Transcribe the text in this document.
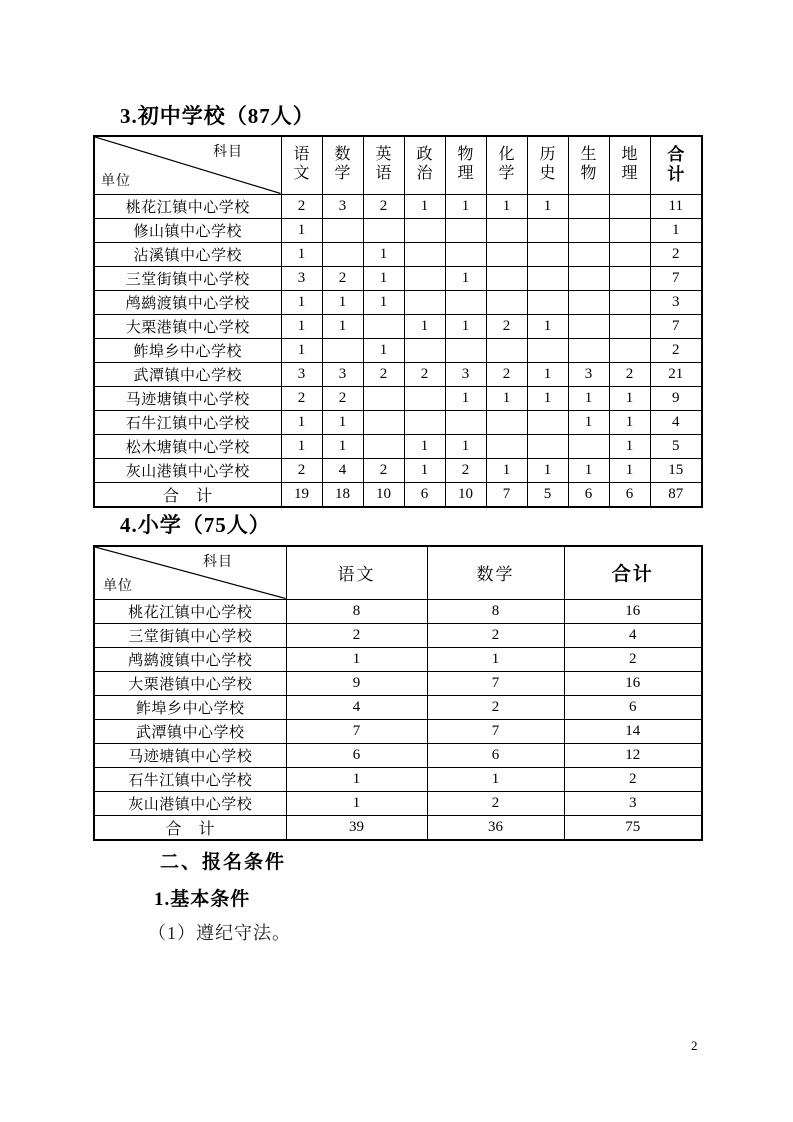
3.初中学校（87人）
科目
单位	语文	数学	英语	政治	物理	化学	历史	生物	地理	合计
桃花江镇中心学校	2	3	2	1	1	1	1			11
修山镇中心学校	1									1
沾溪镇中心学校	1		1							2
三堂街镇中心学校	3	2	1		1					7
鸬鹚渡镇中心学校	1	1	1							3
大栗港镇中心学校	1	1		1	1	2	1			7
鲊埠乡中心学校	1		1							2
武潭镇中心学校	3	3	2	2	3	2	1	3	2	21
马迹塘镇中心学校	2	2			1	1	1	1	1	9
石牛江镇中心学校	1	1						1	1	4
松木塘镇中心学校	1	1		1	1				1	5
灰山港镇中心学校	2	4	2	1	2	1	1	1	1	15
合　计	19	18	10	6	10	7	5	6	6	87
4.小学（75人）
科目
单位	语文	数学	合计
桃花江镇中心学校	8	8	16
三堂街镇中心学校	2	2	4
鸬鹚渡镇中心学校	1	1	2
大栗港镇中心学校	9	7	16
鲊埠乡中心学校	4	2	6
武潭镇中心学校	7	7	14
马迹塘镇中心学校	6	6	12
石牛江镇中心学校	1	1	2
灰山港镇中心学校	1	2	3
合　计	39	36	75
二、报名条件
1.基本条件
（1）遵纪守法。
2
